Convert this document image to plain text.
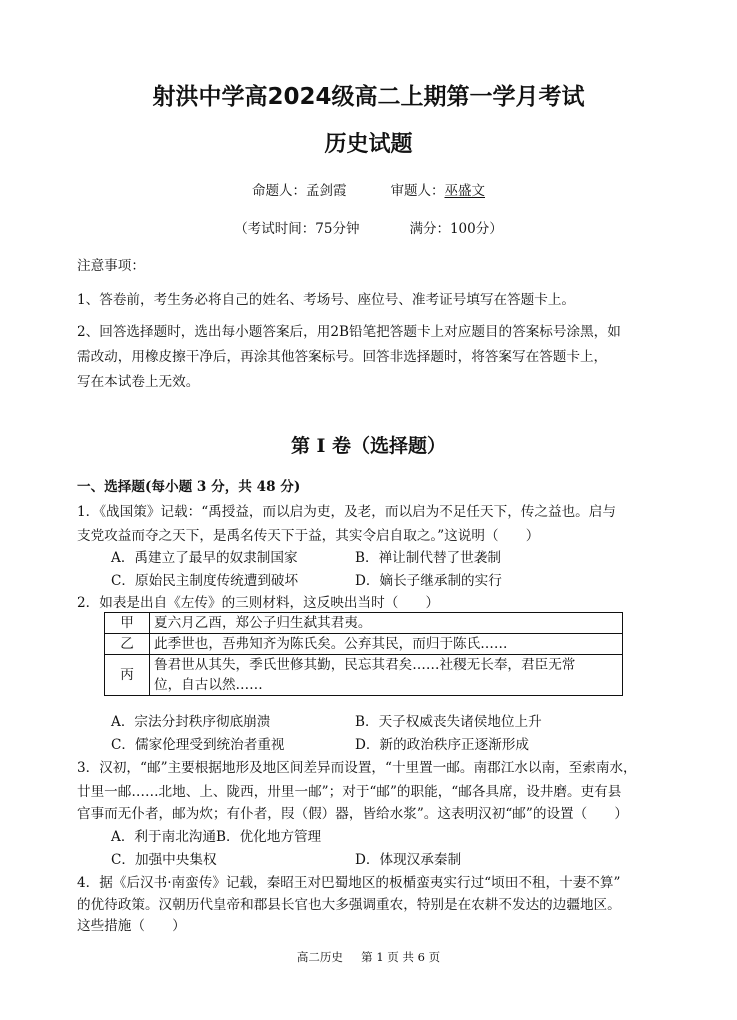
射洪中学高2024级高二上期第一学月考试
历史试题
命题人：孟剑霞	审题人：巫盛文
（考试时间：75分钟	满分：100分）
注意事项：
1、答卷前，考生务必将自己的姓名、考场号、座位号、准考证号填写在答题卡上。
2、回答选择题时，选出每小题答案后，用2B铅笔把答题卡上对应题目的答案标号涂黑，如
需改动，用橡皮擦干净后，再涂其他答案标号。回答非选择题时，将答案写在答题卡上，
写在本试卷上无效。
第 I 卷（选择题）
一、选择题(每小题 3 分，共 48 分)
1．《战国策》记载：“禹授益，而以启为吏，及老，而以启为不足任天下，传之益也。启与
支党攻益而夺之天下，是禹名传天下于益，其实令启自取之。”这说明（　　）
A．禹建立了最早的奴隶制国家	B．禅让制代替了世袭制
C．原始民主制度传统遭到破坏	D．嫡长子继承制的实行
2．如表是出自《左传》的三则材料，这反映出当时（　　）
甲	夏六月乙酉，郑公子归生弑其君夷。
乙	此季世也，吾弗知齐为陈氏矣。公弃其民，而归于陈氏……
丙	鲁君世从其失，季氏世修其勤，民忘其君矣……社稷无长奉，君臣无常
位，自古以然……
A．宗法分封秩序彻底崩溃	B．天子权威丧失诸侯地位上升
C．儒家伦理受到统治者重视	D．新的政治秩序正逐渐形成
3．汉初，“邮”主要根据地形及地区间差异而设置，“十里置一邮。南郡江水以南，至索南水，
廿里一邮……北地、上、陇西，卅里一邮”；对于“邮”的职能，“邮各具席，设井磨。吏有县
官事而无仆者，邮为炊；有仆者，叚（假）器，皆给水浆”。这表明汉初“邮”的设置（　　）
A．利于南北沟通B．优化地方管理
C．加强中央集权	D．体现汉承秦制
4．据《后汉书·南蛮传》记载，秦昭王对巴蜀地区的板楯蛮夷实行过“顷田不租，十妻不算”
的优待政策。汉朝历代皇帝和郡县长官也大多强调重农，特别是在农耕不发达的边疆地区。
这些措施（　　）
高二历史 第 1 页 共 6 页
